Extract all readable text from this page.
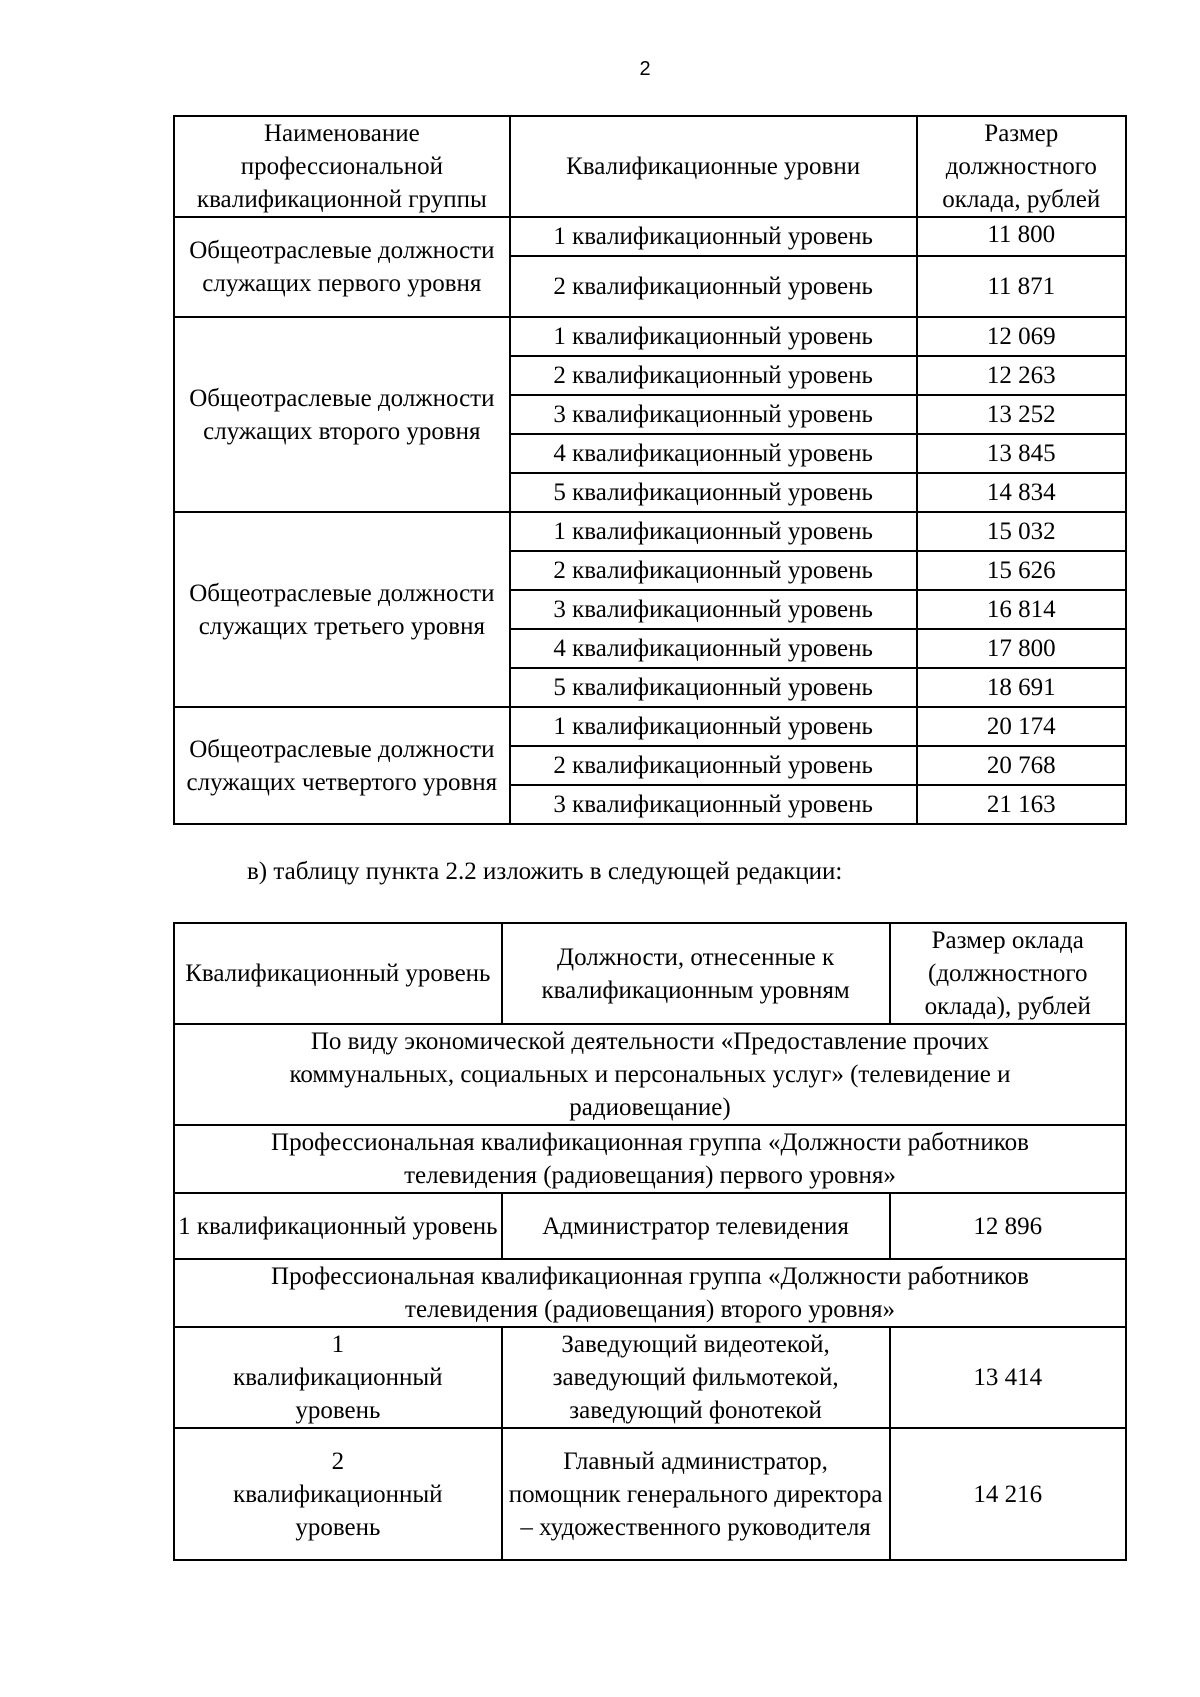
2
Наименование профессиональной квалификационной группы	Квалификационные уровни	Размер должностного оклада, рублей
Общеотраслевые должности служащих первого уровня	1 квалификационный уровень	11 800
	2 квалификационный уровень	11 871
Общеотраслевые должности служащих второго уровня	1 квалификационный уровень	12 069
	2 квалификационный уровень	12 263
	3 квалификационный уровень	13 252
	4 квалификационный уровень	13 845
	5 квалификационный уровень	14 834
Общеотраслевые должности служащих третьего уровня	1 квалификационный уровень	15 032
	2 квалификационный уровень	15 626
	3 квалификационный уровень	16 814
	4 квалификационный уровень	17 800
	5 квалификационный уровень	18 691
Общеотраслевые должности служащих четвертого уровня	1 квалификационный уровень	20 174
	2 квалификационный уровень	20 768
	3 квалификационный уровень	21 163
в) таблицу пункта 2.2 изложить в следующей редакции:
Квалификационный уровень	Должности, отнесенные к квалификационным уровням	Размер оклада (должностного оклада), рублей
По виду экономической деятельности «Предоставление прочих коммунальных, социальных и персональных услуг» (телевидение и радиовещание)		
Профессиональная квалификационная группа «Должности работников телевидения (радиовещания) первого уровня»		
1 квалификационный уровень	Администратор телевидения	12 896
Профессиональная квалификационная группа «Должности работников телевидения (радиовещания) второго уровня»		
1 квалификационный уровень	Заведующий видеотекой, заведующий фильмотекой, заведующий фонотекой	13 414
2 квалификационный уровень	Главный администратор, помощник генерального директора – художественного руководителя	14 216
